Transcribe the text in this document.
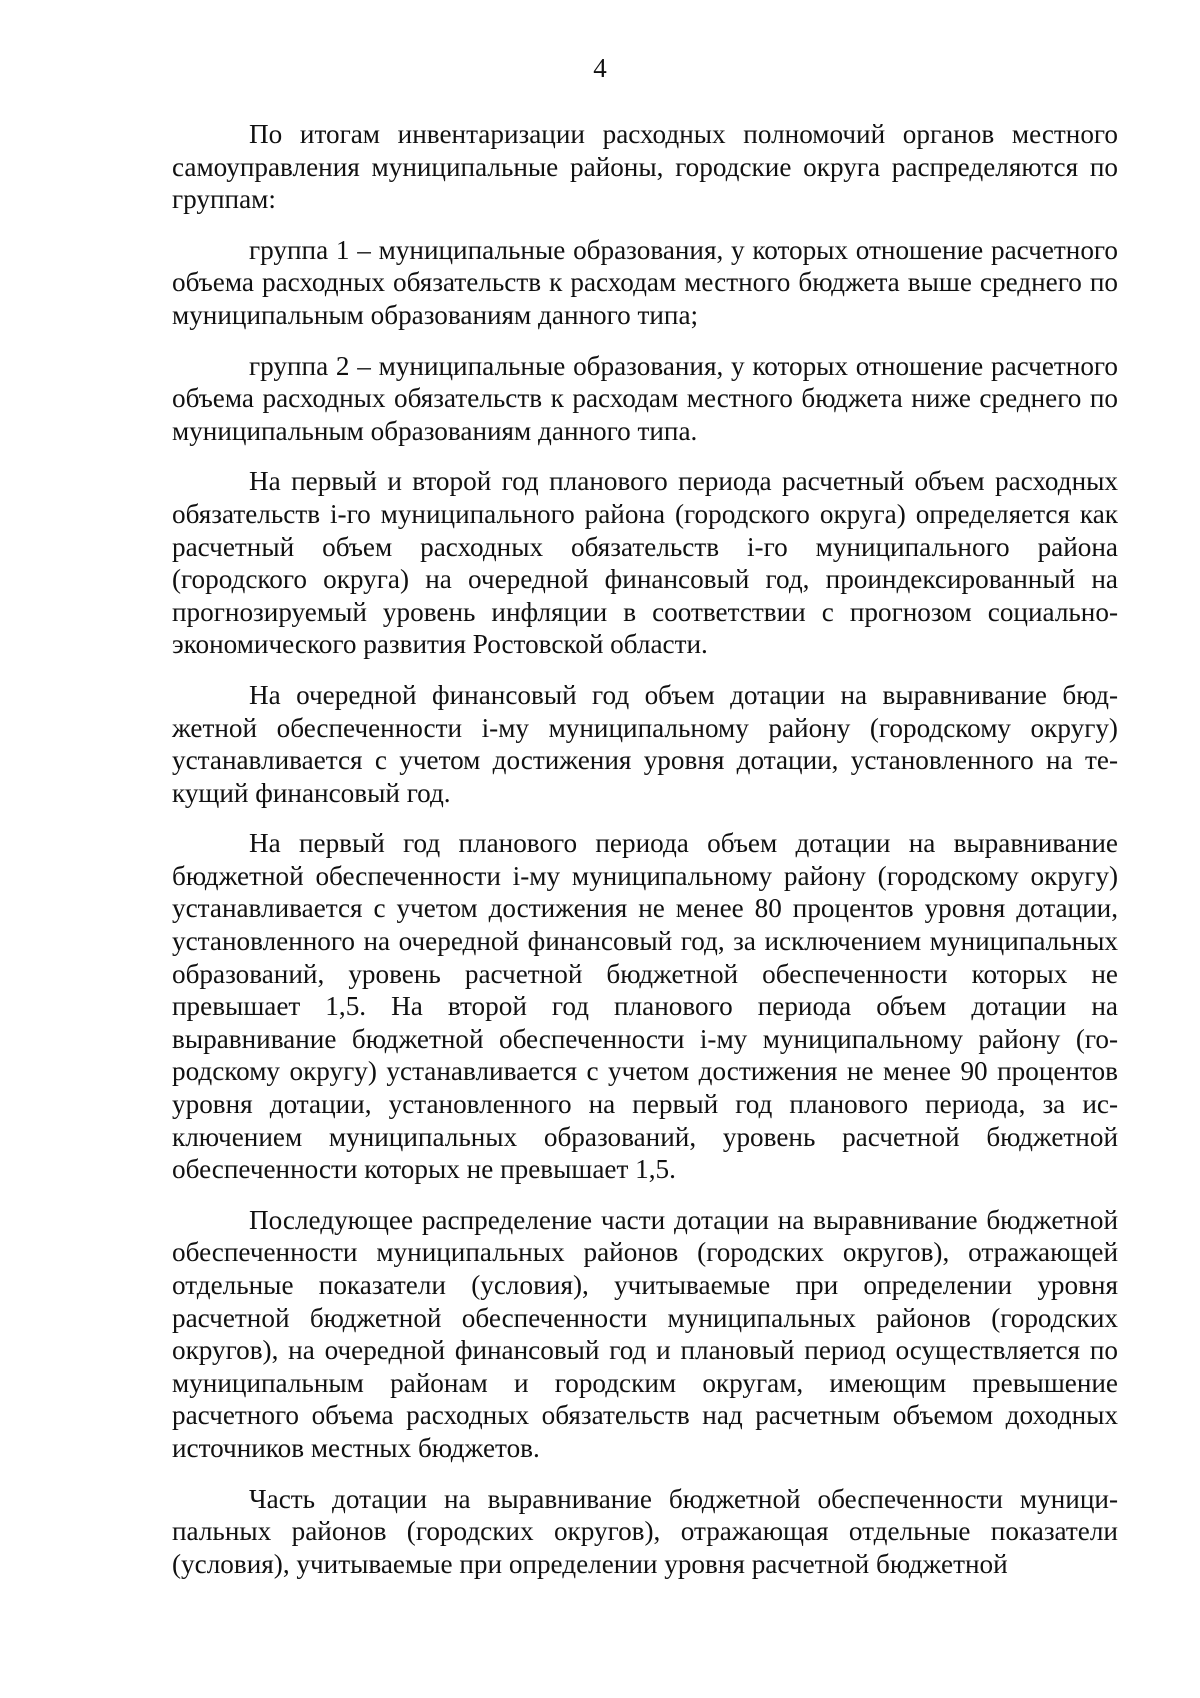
4

По итогам инвентаризации расходных полномочий органов местного самоуправления муниципальные районы, городские округа распределяются по группам:

группа 1 – муниципальные образования, у которых отношение расчетного объема расходных обязательств к расходам местного бюджета выше среднего по муниципальным образованиям данного типа;

группа 2 – муниципальные образования, у которых отношение расчетного объема расходных обязательств к расходам местного бюджета ниже среднего по муниципальным образованиям данного типа.

На первый и второй год планового периода расчетный объем расходных обязательств i-го муниципального района (городского округа) определяется как расчетный объем расходных обязательств i-го муниципального района (городского округа) на очередной финансовый год, проиндексированный на прогнозируемый уровень инфляции в соответствии с прогнозом социально-экономического развития Ростовской области.

На очередной финансовый год объем дотации на выравнивание бюджетной обеспеченности i-му муниципальному району (городскому округу) устанавливается с учетом достижения уровня дотации, установленного на текущий финансовый год.

На первый год планового периода объем дотации на выравнивание бюджетной обеспеченности i-му муниципальному району (городскому округу) устанавливается с учетом достижения не менее 80 процентов уровня дотации, установленного на очередной финансовый год, за исключением муниципальных образований, уровень расчетной бюджетной обеспеченности которых не превышает 1,5. На второй год планового периода объем дотации на выравнивание бюджетной обеспеченности i-му муниципальному району (городскому округу) устанавливается с учетом достижения не менее 90 процентов уровня дотации, установленного на первый год планового периода, за исключением муниципальных образований, уровень расчетной бюджетной обеспеченности которых не превышает 1,5.

Последующее распределение части дотации на выравнивание бюджетной обеспеченности муниципальных районов (городских округов), отражающей отдельные показатели (условия), учитываемые при определении уровня расчетной бюджетной обеспеченности муниципальных районов (городских округов), на очередной финансовый год и плановый период осуществляется по муниципальным районам и городским округам, имеющим превышение расчетного объема расходных обязательств над расчетным объемом доходных источников местных бюджетов.

Часть дотации на выравнивание бюджетной обеспеченности муниципальных районов (городских округов), отражающая отдельные показатели (условия), учитываемые при определении уровня расчетной бюджетной
